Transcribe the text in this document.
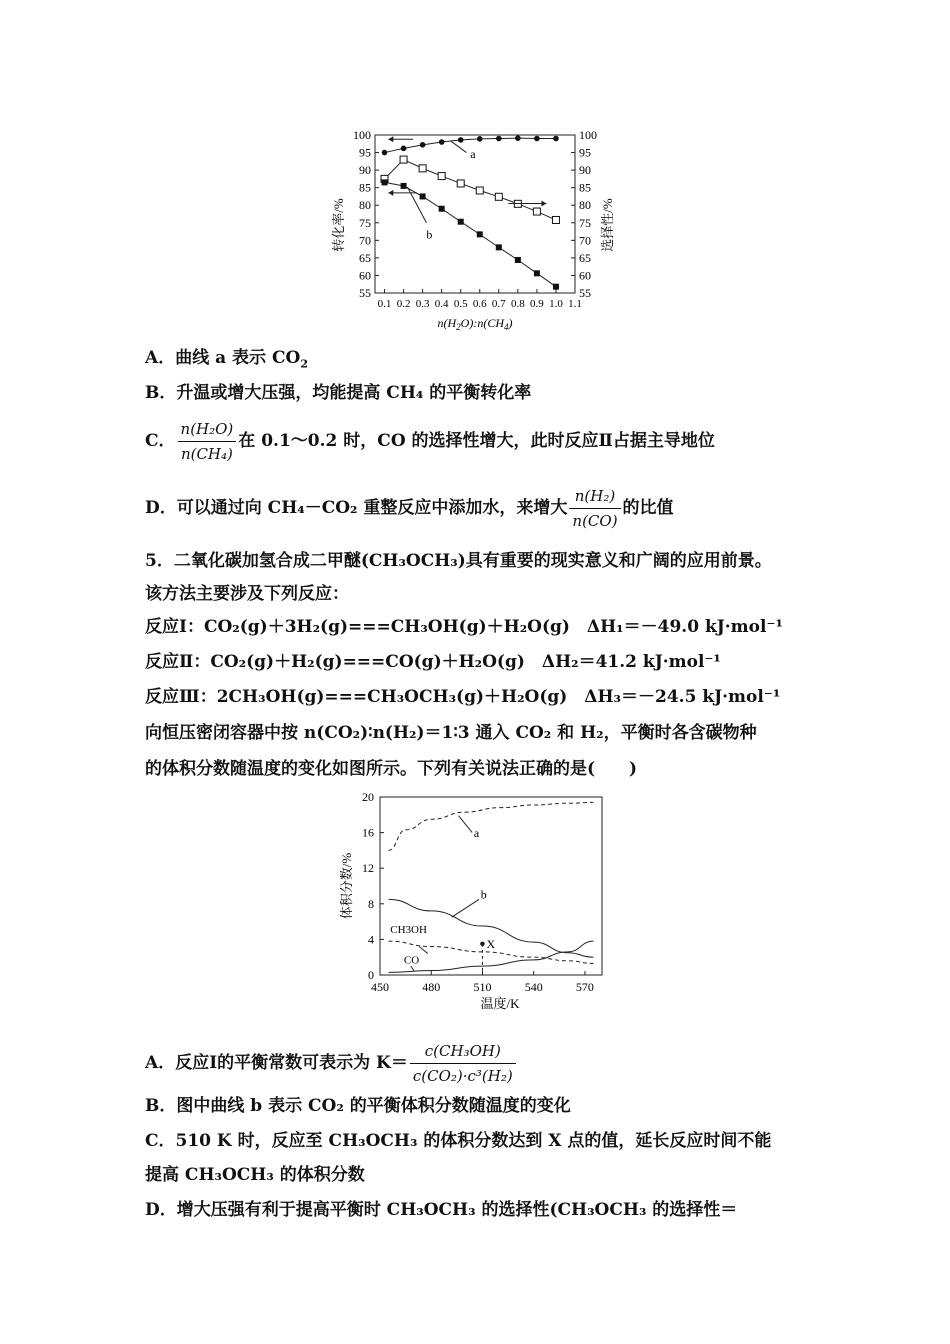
55	55
60	60
65	65
70	70
75	75
80	80
85	85
90	90
95	95
100	100
0.1 0.2 0.3 0.4 0.5 0.6 0.7 0.8 0.9 1.0 1.1
a
b
转化率/%	选择性/%
$n(H_2O):n(CH_4)$
A．曲线 a 表示 $CO_2$
B．升温或增大压强，均能提高 CH₄ 的平衡转化率
C． $\frac{\text{n(H₂O)}}{\text{n(CH₄)}}$ 在 0.1～0.2 时，CO 的选择性增大，此时反应Ⅱ占据主导地位
D．可以通过向 CH₄－CO₂ 重整反应中添加水，来增大 $\frac{\text{n(H₂)}}{n(CO)}$ 的比值
5．二氧化碳加氢合成二甲醚(CH₃OCH₃)具有重要的现实意义和广阔的应用前景。
该方法主要涉及下列反应：
反应Ⅰ：CO₂(g)＋3H₂(g)===CH₃OH(g)＋H₂O(g)　ΔH₁＝－49.0 kJ·mol⁻¹
反应Ⅱ：CO₂(g)＋H₂(g)===CO(g)＋H₂O(g)　ΔH₂＝41.2 kJ·mol⁻¹
反应Ⅲ：2CH₃OH(g)===CH₃OCH₃(g)＋H₂O(g)　ΔH₃＝－24.5 kJ·mol⁻¹
向恒压密闭容器中按 n(CO₂)∶n(H₂)＝1∶3 通入 CO₂ 和 H₂，平衡时各含碳物种
的体积分数随温度的变化如图所示。下列有关说法正确的是(　　)
0
4
8
12
16
20
450	480	510	540	570
X
a
b
CH3OH
CO
体积分数/%
温度/K
A．反应Ⅰ的平衡常数可表示为 $K= \frac{\text{c(CH₃OH)}}{\text{c(CO₂)·c³(H₂)}}$
B．图中曲线 b 表示 CO₂ 的平衡体积分数随温度的变化
C．510 K 时，反应至 CH₃OCH₃ 的体积分数达到 X 点的值，延长反应时间不能
提高 CH₃OCH₃ 的体积分数
D．增大压强有利于提高平衡时 CH₃OCH₃ 的选择性(CH₃OCH₃ 的选择性＝
